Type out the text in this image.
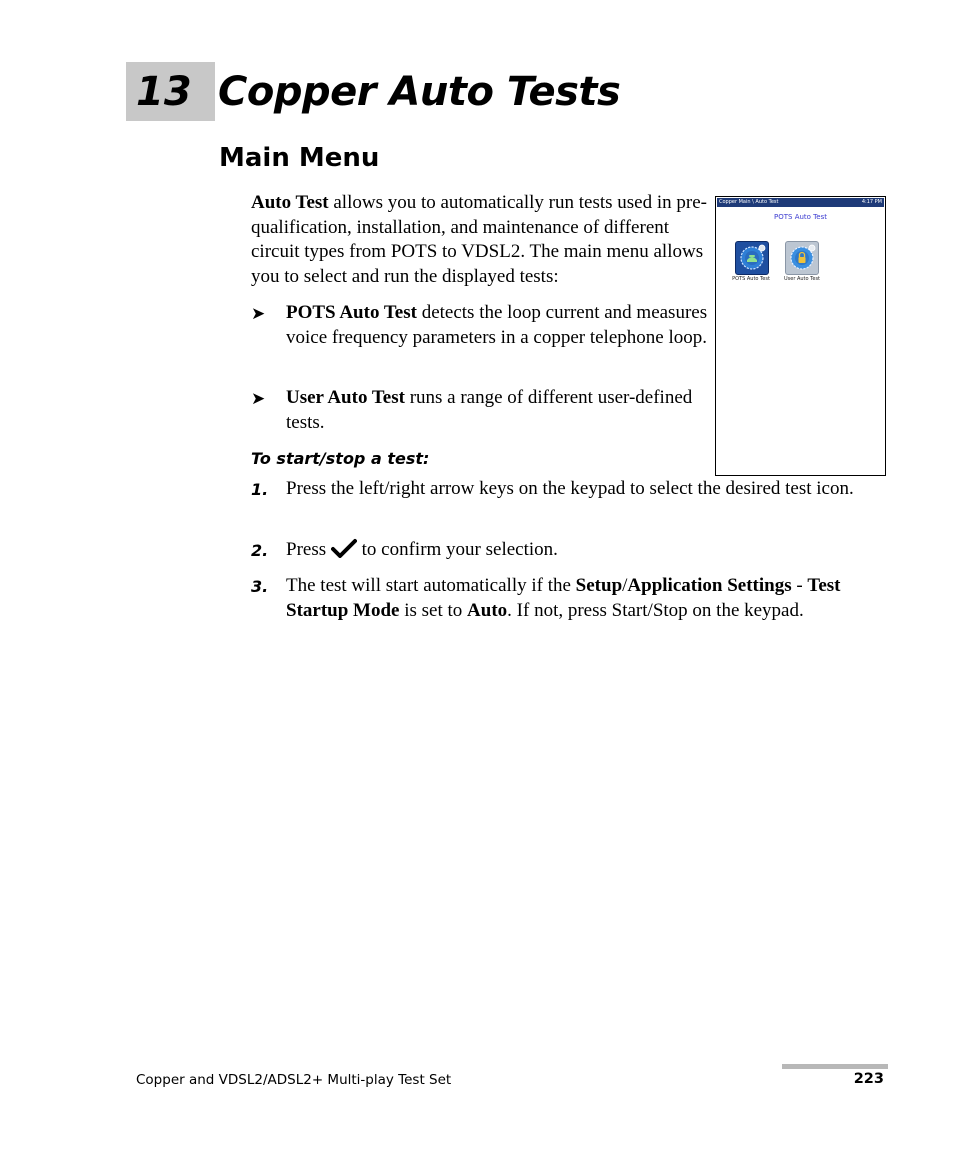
13 Copper Auto Tests
Main Menu
Auto Test allows you to automatically run tests used in pre-qualification, installation, and maintenance of different circuit types from POTS to VDSL2. The main menu allows you to select and run the displayed tests:
➤	POTS Auto Test detects the loop current and measures voice frequency parameters in a copper telephone loop.
➤	User Auto Test runs a range of different user-defined tests.
To start/stop a test:
1. Press the left/right arrow keys on the keypad to select the desired test icon.
2. Press  to confirm your selection.
3. The test will start automatically if the Setup/Application Settings - Test Startup Mode is set to Auto. If not, press Start/Stop on the keypad.
Copper Main \ Auto Test	4:17 PM
POTS Auto Test
POTS Auto Test	User Auto Test
Copper and VDSL2/ADSL2+ Multi-play Test Set	223
